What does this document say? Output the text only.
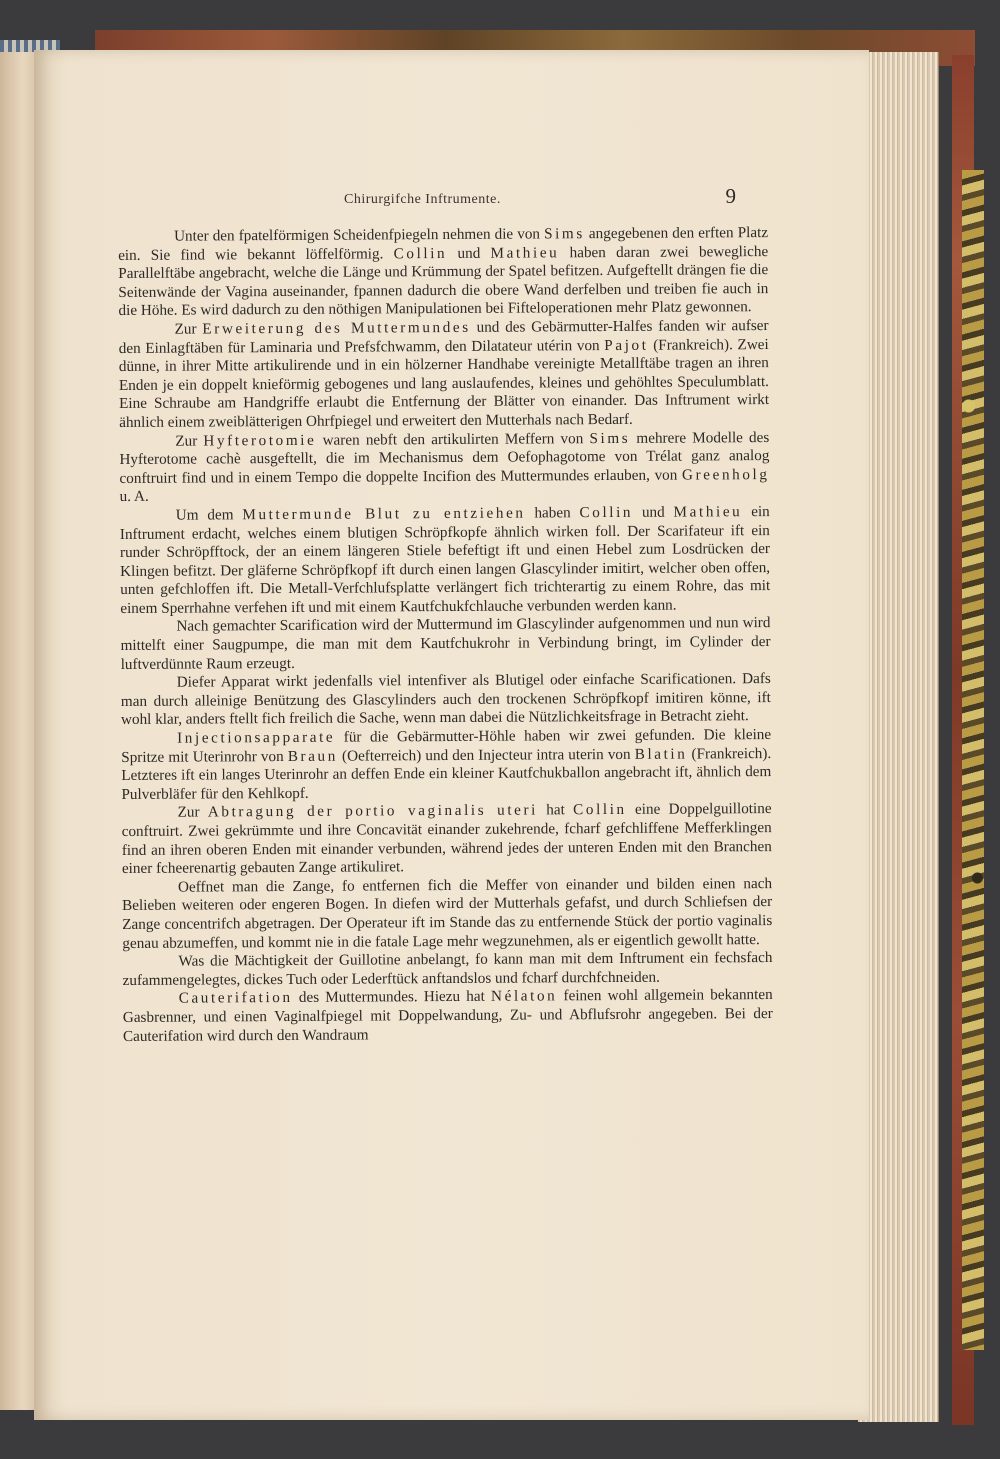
Chirurgifche Inftrumente.	9

Unter den fpatelförmigen Scheidenfpiegeln nehmen die von Sims angegebenen den erften Platz ein. Sie find wie bekannt löffelförmig. Collin und Mathieu haben daran zwei bewegliche Parallelftäbe angebracht, welche die Länge und Krümmung der Spatel befitzen. Aufgeftellt drängen fie die Seitenwände der Vagina auseinander, fpannen dadurch die obere Wand derfelben und treiben fie auch in die Höhe. Es wird dadurch zu den nöthigen Manipulationen bei Fifteloperationen mehr Platz gewonnen.

Zur Erweiterung des Muttermundes und des Gebärmutter-Halfes fanden wir aufser den Einlagftäben für Laminaria und Prefsfchwamm, den Dilatateur utérin von Pajot (Frankreich). Zwei dünne, in ihrer Mitte artikulirende und in ein hölzerner Handhabe vereinigte Metallftäbe tragen an ihren Enden je ein doppelt knieförmig gebogenes und lang auslaufendes, kleines und gehöhltes Speculumblatt. Eine Schraube am Handgriffe erlaubt die Entfernung der Blätter von einander. Das Inftrument wirkt ähnlich einem zweiblätterigen Ohrfpiegel und erweitert den Mutterhals nach Bedarf.

Zur Hyfterotomie waren nebft den artikulirten Meffern von Sims mehrere Modelle des Hyfterotome cachè ausgeftellt, die im Mechanismus dem Oefophagotome von Trélat ganz analog conftruirt find und in einem Tempo die doppelte Incifion des Muttermundes erlauben, von Greenholg u. A.

Um dem Muttermunde Blut zu entziehen haben Collin und Mathieu ein Inftrument erdacht, welches einem blutigen Schröpfkopfe ähnlich wirken foll. Der Scarifateur ift ein runder Schröpfftock, der an einem längeren Stiele befeftigt ift und einen Hebel zum Losdrücken der Klingen befitzt. Der gläferne Schröpfkopf ift durch einen langen Glascylinder imitirt, welcher oben offen, unten gefchloffen ift. Die Metall-Verfchlufsplatte verlängert fich trichterartig zu einem Rohre, das mit einem Sperrhahne verfehen ift und mit einem Kautfchukfchlauche verbunden werden kann.

Nach gemachter Scarification wird der Muttermund im Glascylinder aufgenommen und nun wird mittelft einer Saugpumpe, die man mit dem Kautfchukrohr in Verbindung bringt, im Cylinder der luftverdünnte Raum erzeugt.

Diefer Apparat wirkt jedenfalls viel intenfiver als Blutigel oder einfache Scarificationen. Dafs man durch alleinige Benützung des Glascylinders auch den trockenen Schröpfkopf imitiren könne, ift wohl klar, anders ftellt fich freilich die Sache, wenn man dabei die Nützlichkeitsfrage in Betracht zieht.

Injectionsapparate für die Gebärmutter-Höhle haben wir zwei gefunden. Die kleine Spritze mit Uterinrohr von Braun (Oefterreich) und den Injecteur intra uterin von Blatin (Frankreich). Letzteres ift ein langes Uterinrohr an deffen Ende ein kleiner Kautfchukballon angebracht ift, ähnlich dem Pulverbläfer für den Kehlkopf.

Zur Abtragung der portio vaginalis uteri hat Collin eine Doppelguillotine conftruirt. Zwei gekrümmte und ihre Concavität einander zukehrende, fcharf gefchliffene Mefferklingen find an ihren oberen Enden mit einander verbunden, während jedes der unteren Enden mit den Branchen einer fcheerenartig gebauten Zange artikuliret.

Oeffnet man die Zange, fo entfernen fich die Meffer von einander und bilden einen nach Belieben weiteren oder engeren Bogen. In diefen wird der Mutterhals gefafst, und durch Schliefsen der Zange concentrifch abgetragen. Der Operateur ift im Stande das zu entfernende Stück der portio vaginalis genau abzumeffen, und kommt nie in die fatale Lage mehr wegzunehmen, als er eigentlich gewollt hatte.

Was die Mächtigkeit der Guillotine anbelangt, fo kann man mit dem Inftrument ein fechsfach zufammengelegtes, dickes Tuch oder Lederftück anftandslos und fcharf durchfchneiden.

Cauterifation des Muttermundes. Hiezu hat Nélaton feinen wohl allgemein bekannten Gasbrenner, und einen Vaginalfpiegel mit Doppelwandung, Zu- und Abflufsrohr angegeben. Bei der Cauterifation wird durch den Wandraum
